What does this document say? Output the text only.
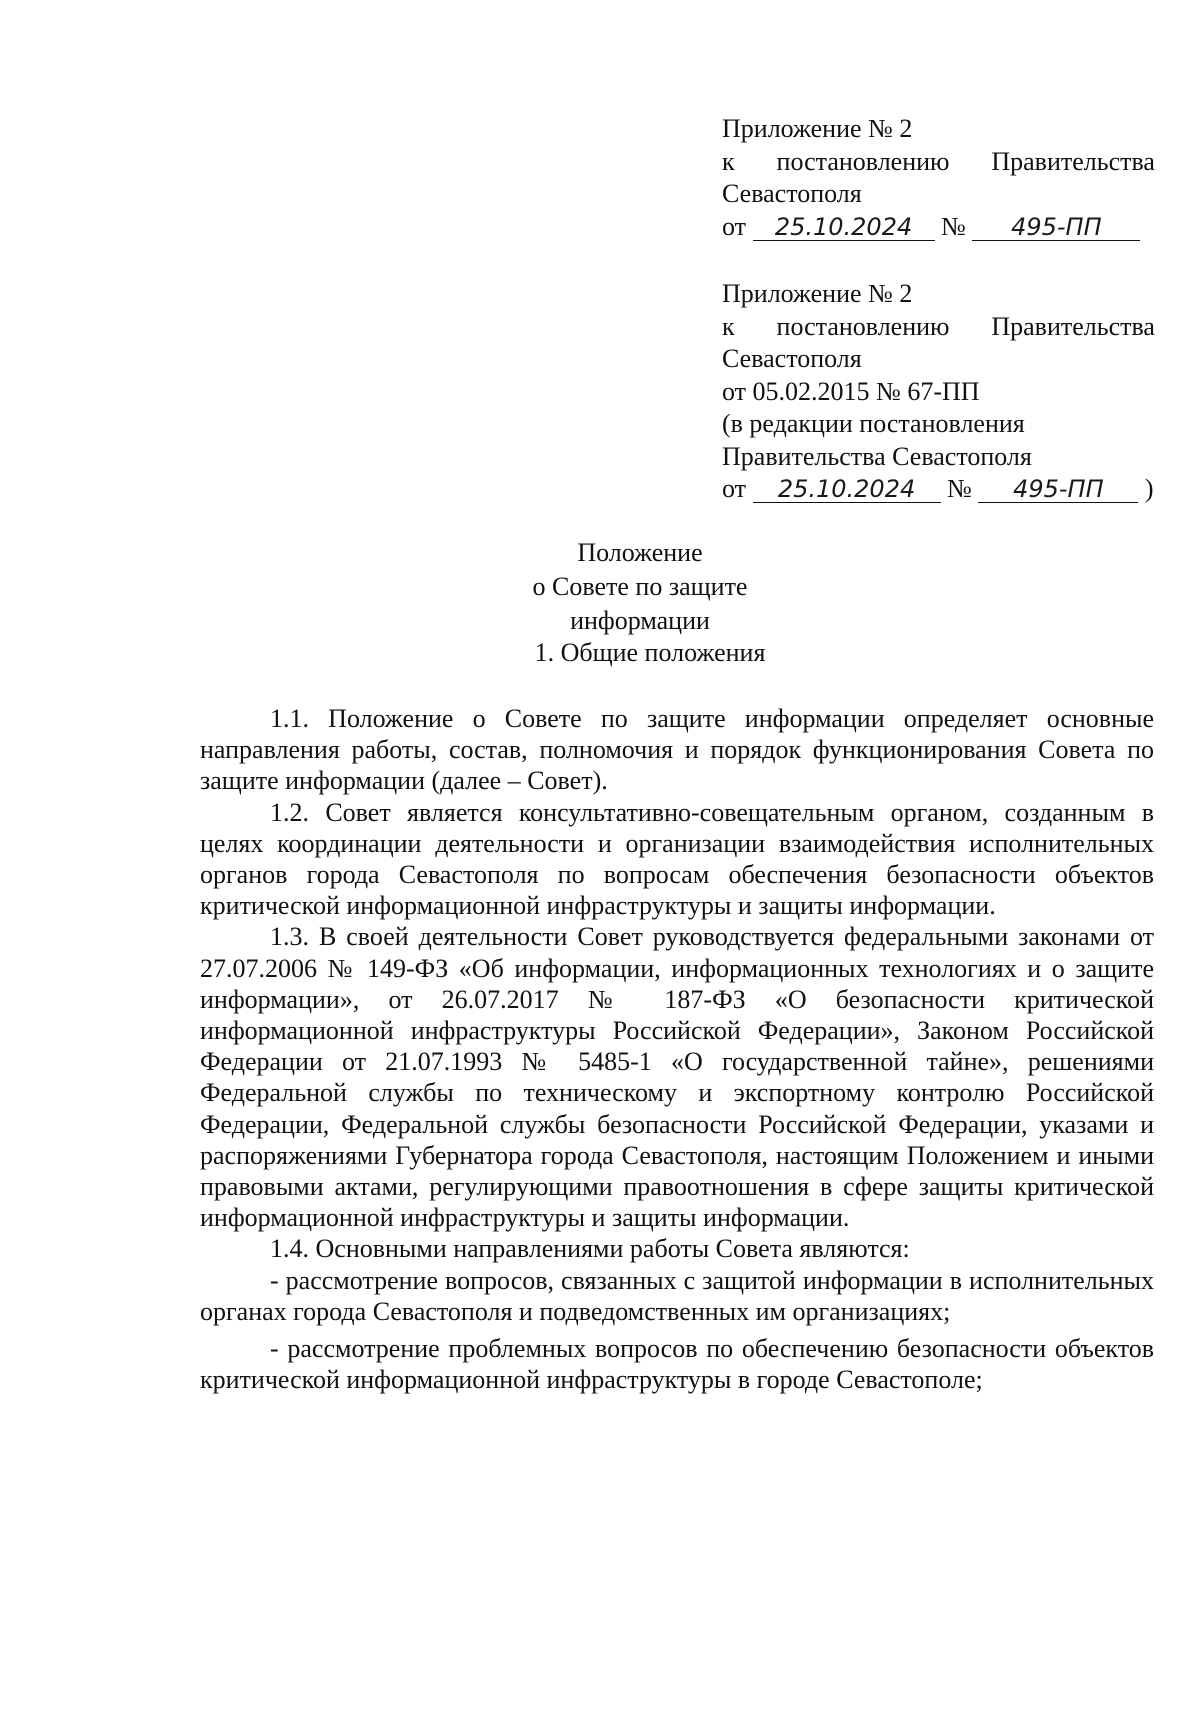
Приложение № 2
к постановлению Правительства
Севастополя
от 25.10.2024 № 495-ПП
Приложение № 2
к постановлению Правительства
Севастополя
от 05.02.2015 № 67-ПП
(в редакции постановления
Правительства Севастополя
от 25.10.2024 № 495-ПП )
Положение
о Совете по защите информации
1. Общие положения

1.1. Положение о Совете по защите информации определяет основные направления работы, состав, полномочия и порядок функционирования Совета по защите информации (далее – Совет).

1.2. Совет является консультативно-совещательным органом, созданным в целях координации деятельности и организации взаимодействия исполнительных органов города Севастополя по вопросам обеспечения безопасности объектов критической информационной инфраструктуры и защиты информации.

1.3. В своей деятельности Совет руководствуется федеральными законами от 27.07.2006 № 149-ФЗ «Об информации, информационных технологиях и о защите информации», от 26.07.2017 № 187-ФЗ «О безопасности критической информационной инфраструктуры Российской Федерации», Законом Российской Федерации от 21.07.1993 № 5485-1 «О государственной тайне», решениями Федеральной службы по техническому и экспортному контролю Российской Федерации, Федеральной службы безопасности Российской Федерации, указами и распоряжениями Губернатора города Севастополя, настоящим Положением и иными правовыми актами, регулирующими правоотношения в сфере защиты критической информационной инфраструктуры и защиты информации.

1.4. Основными направлениями работы Совета являются:

- рассмотрение вопросов, связанных с защитой информации в исполнительных органах города Севастополя и подведомственных им организациях;

- рассмотрение проблемных вопросов по обеспечению безопасности объектов критической информационной инфраструктуры в городе Севастополе;
